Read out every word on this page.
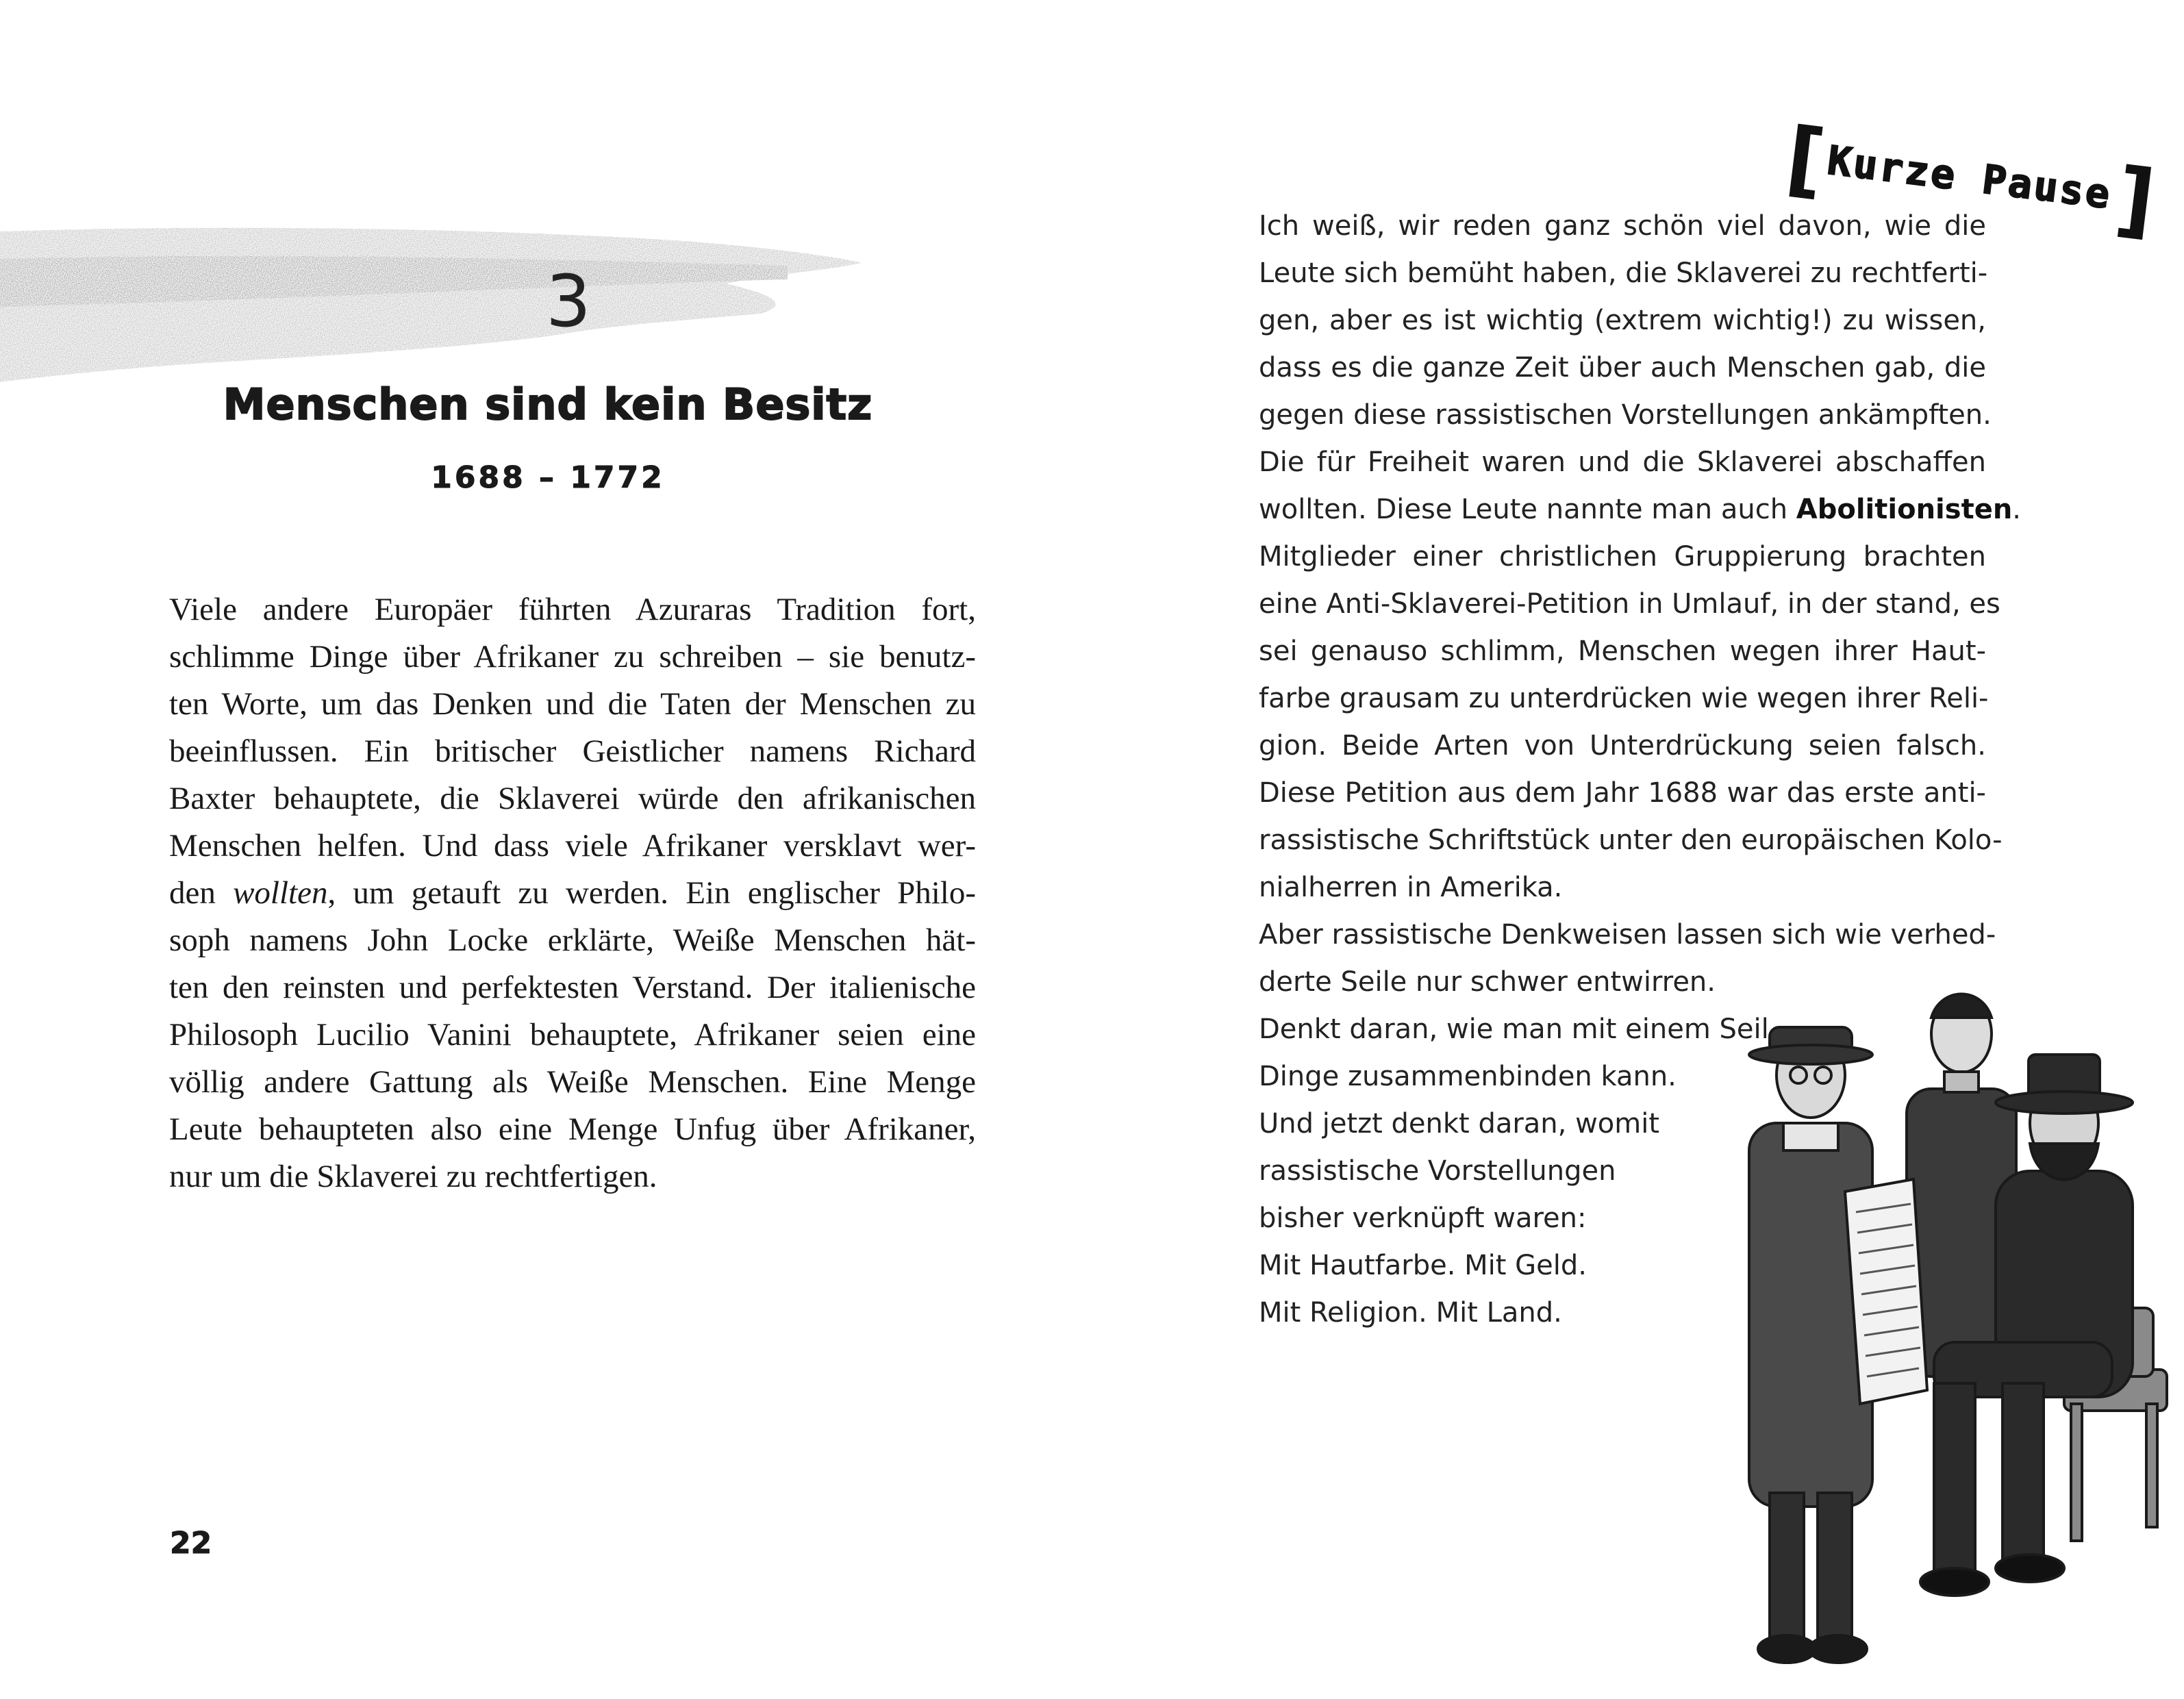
3
Menschen sind kein Besitz
1688 – 1772
Viele andere Europäer führten Azuraras Tradition fort,
schlimme Dinge über Afrikaner zu schreiben – sie benutz-
ten Worte, um das Denken und die Taten der Menschen zu
beeinflussen. Ein britischer Geistlicher namens Richard
Baxter behauptete, die Sklaverei würde den afrikanischen
Menschen helfen. Und dass viele Afrikaner versklavt wer-
den wollten, um getauft zu werden. Ein englischer Philo-
soph namens John Locke erklärte, Weiße Menschen hät-
ten den reinsten und perfektesten Verstand. Der italienische
Philosoph Lucilio Vanini behauptete, Afrikaner seien eine
völlig andere Gattung als Weiße Menschen. Eine Menge
Leute behaupteten also eine Menge Unfug über Afrikaner,
nur um die Sklaverei zu rechtfertigen.
22
[
Kurze Pause
]
Ich weiß, wir reden ganz schön viel davon, wie die
Leute sich bemüht haben, die Sklaverei zu rechtferti-
gen, aber es ist wichtig (extrem wichtig!) zu wissen,
dass es die ganze Zeit über auch Menschen gab, die
gegen diese rassistischen Vorstellungen ankämpften.
Die für Freiheit waren und die Sklaverei abschaffen
wollten. Diese Leute nannte man auch Abolitionisten.
Mitglieder einer christlichen Gruppierung brachten
eine Anti-Sklaverei-Petition in Umlauf, in der stand, es
sei genauso schlimm, Menschen wegen ihrer Haut-
farbe grausam zu unterdrücken wie wegen ihrer Reli-
gion. Beide Arten von Unterdrückung seien falsch.
Diese Petition aus dem Jahr 1688 war das erste anti-
rassistische Schriftstück unter den europäischen Kolo-
nialherren in Amerika.
Aber rassistische Denkweisen lassen sich wie verhed-
derte Seile nur schwer entwirren.
Denkt daran, wie man mit einem Seil
Dinge zusammenbinden kann.
Und jetzt denkt daran, womit
rassistische Vorstellungen
bisher verknüpft waren:
Mit Hautfarbe. Mit Geld.
Mit Religion. Mit Land.
